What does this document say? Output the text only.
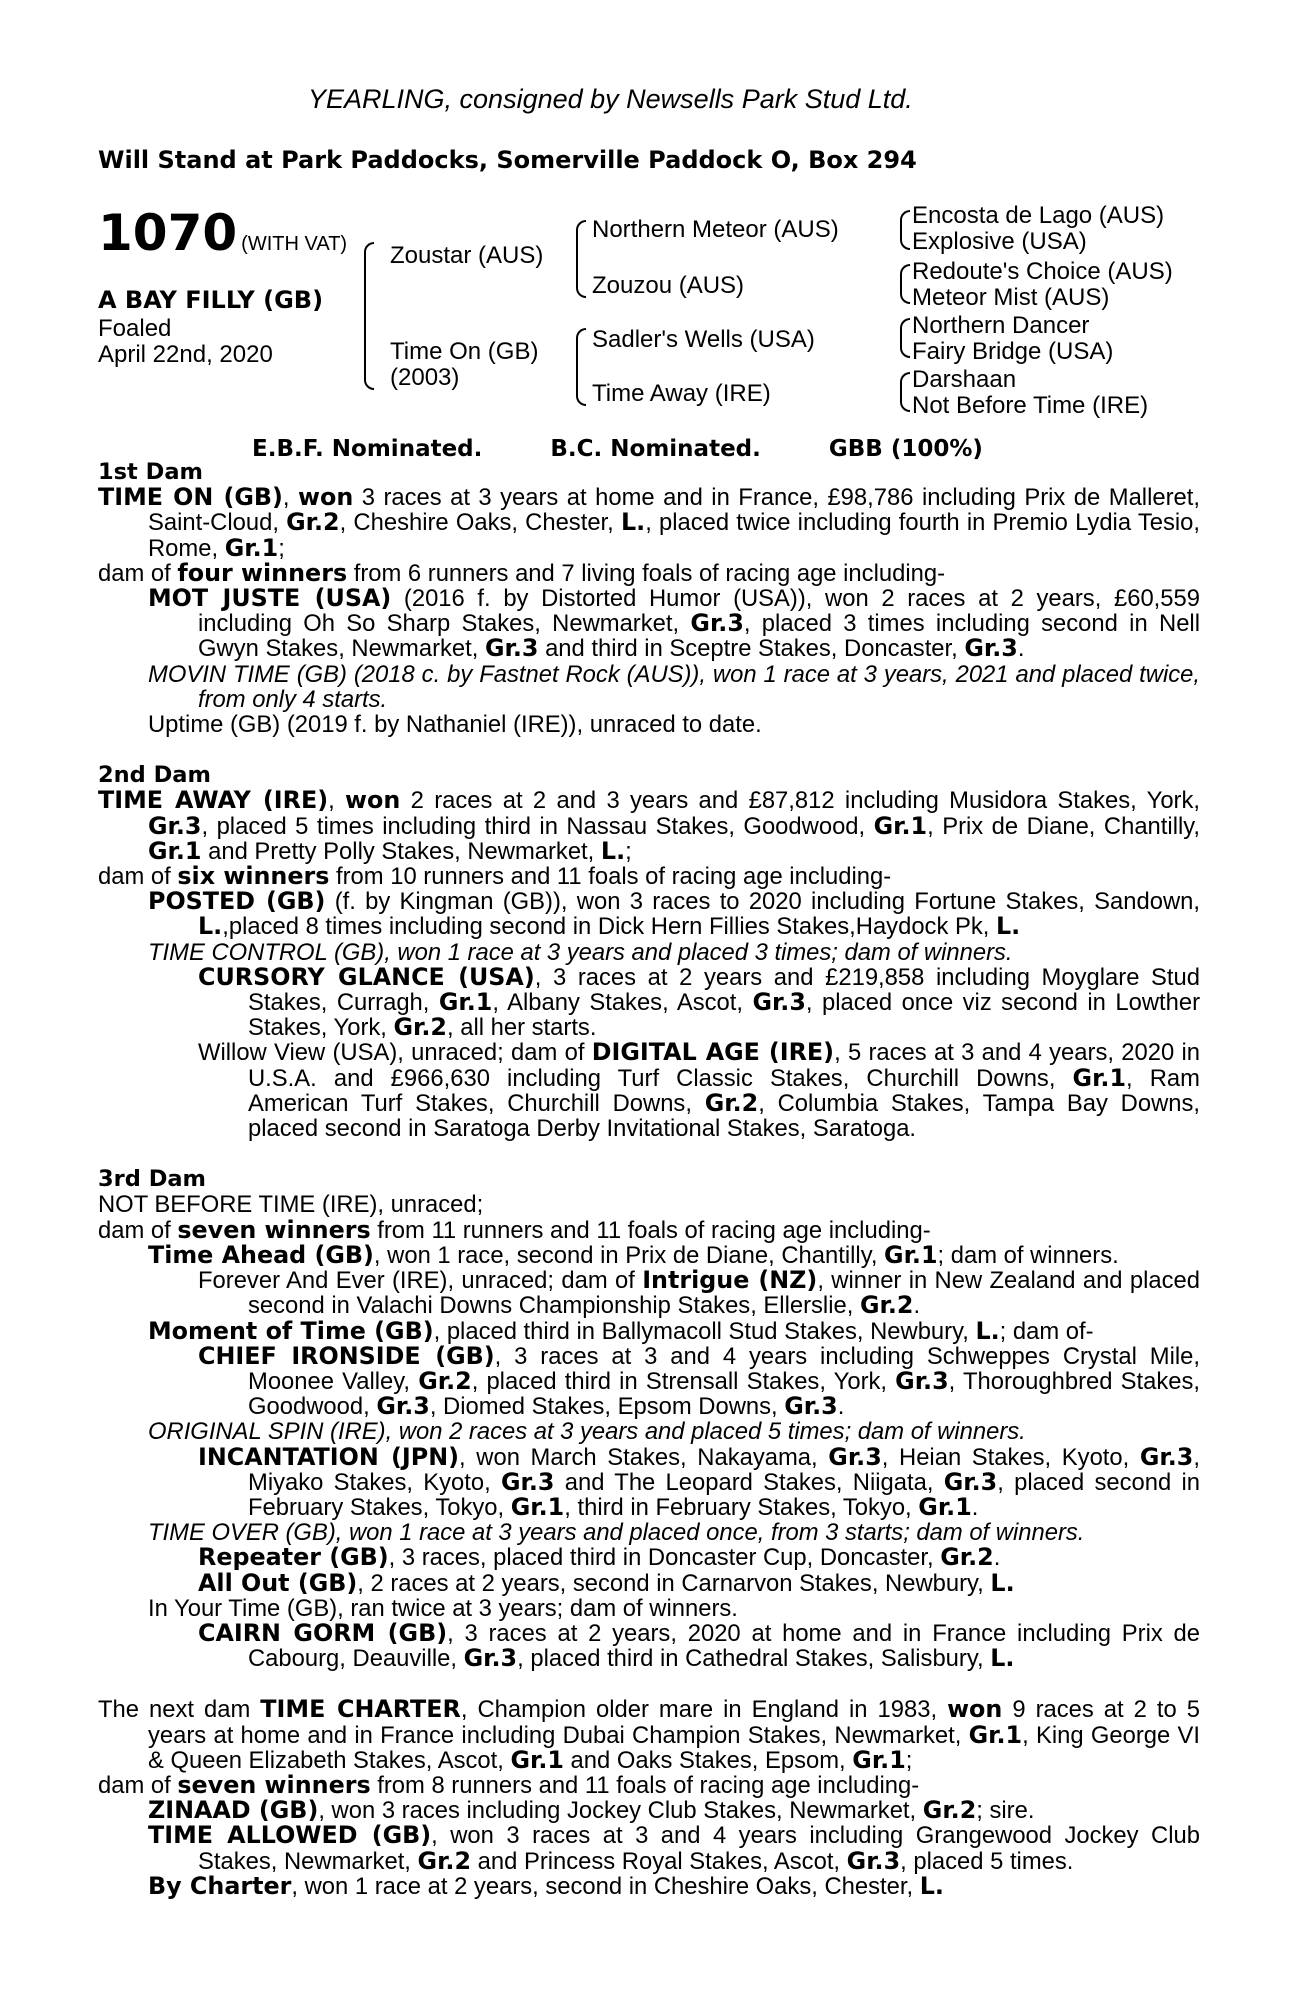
YEARLING, consigned by Newsells Park Stud Ltd.
Will Stand at Park Paddocks, Somerville Paddock O, Box 294
1070 (WITH VAT)
A BAY FILLY (GB)
Foaled
April 22nd, 2020
Zoustar (AUS)
Time On (GB)
(2003)
Northern Meteor (AUS)
Zouzou (AUS)
Sadler's Wells (USA)
Time Away (IRE)
Encosta de Lago (AUS)
Explosive (USA)
Redoute's Choice (AUS)
Meteor Mist (AUS)
Northern Dancer
Fairy Bridge (USA)
Darshaan
Not Before Time (IRE)
E.B.F. Nominated.	B.C. Nominated.	GBB (100%)
1st Dam

TIME ON (GB), won 3 races at 3 years at home and in France, £98,786 including Prix de Malleret, Saint-Cloud, Gr.2, Cheshire Oaks, Chester, L., placed twice including fourth in Premio Lydia Tesio, Rome, Gr.1;

dam of four winners from 6 runners and 7 living foals of racing age including-

MOT JUSTE (USA) (2016 f. by Distorted Humor (USA)), won 2 races at 2 years, £60,559 including Oh So Sharp Stakes, Newmarket, Gr.3, placed 3 times including second in Nell Gwyn Stakes, Newmarket, Gr.3 and third in Sceptre Stakes, Doncaster, Gr.3.

MOVIN TIME (GB) (2018 c. by Fastnet Rock (AUS)), won 1 race at 3 years, 2021 and placed twice, from only 4 starts.

Uptime (GB) (2019 f. by Nathaniel (IRE)), unraced to date.

2nd Dam

TIME AWAY (IRE), won 2 races at 2 and 3 years and £87,812 including Musidora Stakes, York, Gr.3, placed 5 times including third in Nassau Stakes, Goodwood, Gr.1, Prix de Diane, Chantilly, Gr.1 and Pretty Polly Stakes, Newmarket, L.;

dam of six winners from 10 runners and 11 foals of racing age including-

POSTED (GB) (f. by Kingman (GB)), won 3 races to 2020 including Fortune Stakes, Sandown, L.,placed 8 times including second in Dick Hern Fillies Stakes,Haydock Pk, L.

TIME CONTROL (GB), won 1 race at 3 years and placed 3 times; dam of winners.

CURSORY GLANCE (USA), 3 races at 2 years and £219,858 including Moyglare Stud Stakes, Curragh, Gr.1, Albany Stakes, Ascot, Gr.3, placed once viz second in Lowther Stakes, York, Gr.2, all her starts.

Willow View (USA), unraced; dam of DIGITAL AGE (IRE), 5 races at 3 and 4 years, 2020 in U.S.A. and £966,630 including Turf Classic Stakes, Churchill Downs, Gr.1, Ram American Turf Stakes, Churchill Downs, Gr.2, Columbia Stakes, Tampa Bay Downs, placed second in Saratoga Derby Invitational Stakes, Saratoga.

3rd Dam

NOT BEFORE TIME (IRE), unraced;

dam of seven winners from 11 runners and 11 foals of racing age including-

Time Ahead (GB), won 1 race, second in Prix de Diane, Chantilly, Gr.1; dam of winners.

Forever And Ever (IRE), unraced; dam of Intrigue (NZ), winner in New Zealand and placed second in Valachi Downs Championship Stakes, Ellerslie, Gr.2.

Moment of Time (GB), placed third in Ballymacoll Stud Stakes, Newbury, L.; dam of-

CHIEF IRONSIDE (GB), 3 races at 3 and 4 years including Schweppes Crystal Mile, Moonee Valley, Gr.2, placed third in Strensall Stakes, York, Gr.3, Thoroughbred Stakes, Goodwood, Gr.3, Diomed Stakes, Epsom Downs, Gr.3.

ORIGINAL SPIN (IRE), won 2 races at 3 years and placed 5 times; dam of winners.

INCANTATION (JPN), won March Stakes, Nakayama, Gr.3, Heian Stakes, Kyoto, Gr.3, Miyako Stakes, Kyoto, Gr.3 and The Leopard Stakes, Niigata, Gr.3, placed second in February Stakes, Tokyo, Gr.1, third in February Stakes, Tokyo, Gr.1.

TIME OVER (GB), won 1 race at 3 years and placed once, from 3 starts; dam of winners.

Repeater (GB), 3 races, placed third in Doncaster Cup, Doncaster, Gr.2.

All Out (GB), 2 races at 2 years, second in Carnarvon Stakes, Newbury, L.

In Your Time (GB), ran twice at 3 years; dam of winners.

CAIRN GORM (GB), 3 races at 2 years, 2020 at home and in France including Prix de Cabourg, Deauville, Gr.3, placed third in Cathedral Stakes, Salisbury, L.

The next dam TIME CHARTER, Champion older mare in England in 1983, won 9 races at 2 to 5 years at home and in France including Dubai Champion Stakes, Newmarket, Gr.1, King George VI & Queen Elizabeth Stakes, Ascot, Gr.1 and Oaks Stakes, Epsom, Gr.1;

dam of seven winners from 8 runners and 11 foals of racing age including-

ZINAAD (GB), won 3 races including Jockey Club Stakes, Newmarket, Gr.2; sire.

TIME ALLOWED (GB), won 3 races at 3 and 4 years including Grangewood Jockey Club Stakes, Newmarket, Gr.2 and Princess Royal Stakes, Ascot, Gr.3, placed 5 times.

By Charter, won 1 race at 2 years, second in Cheshire Oaks, Chester, L.
